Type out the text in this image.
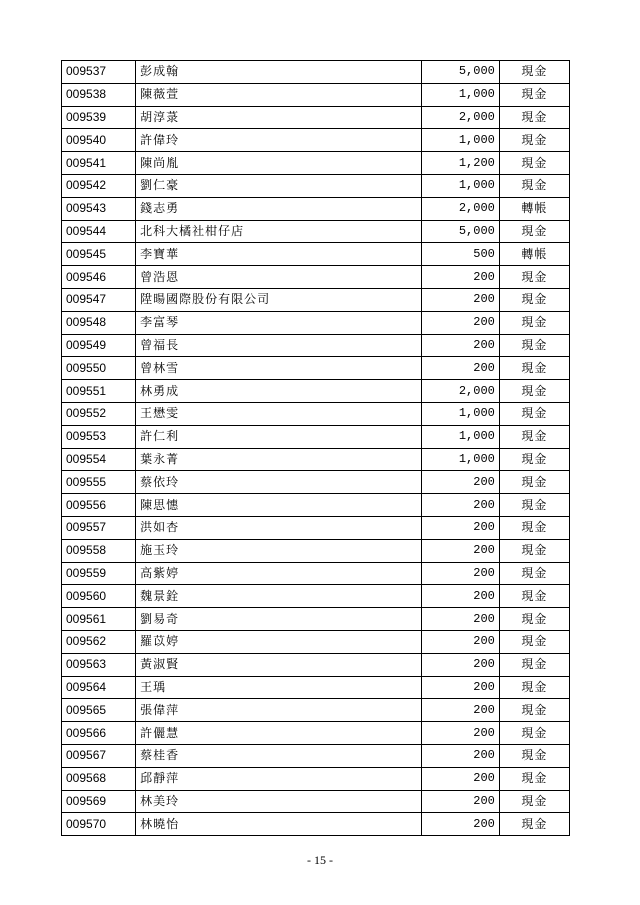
009537	彭成翰	5,000	現金
009538	陳薇萱	1,000	現金
009539	胡淳菉	2,000	現金
009540	許偉玲	1,000	現金
009541	陳尚胤	1,200	現金
009542	劉仁豪	1,000	現金
009543	錢志勇	2,000	轉帳
009544	北科大橘社柑仔店	5,000	現金
009545	李寶華	500	轉帳
009546	曾浩恩	200	現金
009547	陞暘國際股份有限公司	200	現金
009548	李富琴	200	現金
009549	曾福長	200	現金
009550	曾林雪	200	現金
009551	林勇成	2,000	現金
009552	王懋雯	1,000	現金
009553	許仁利	1,000	現金
009554	葉永菁	1,000	現金
009555	蔡依玲	200	現金
009556	陳思憓	200	現金
009557	洪如杏	200	現金
009558	施玉玲	200	現金
009559	高紫婷	200	現金
009560	魏景銓	200	現金
009561	劉易奇	200	現金
009562	羅苡婷	200	現金
009563	黃淑賢	200	現金
009564	王瑀	200	現金
009565	張偉萍	200	現金
009566	許儷慧	200	現金
009567	蔡桂香	200	現金
009568	邱靜萍	200	現金
009569	林美玲	200	現金
009570	林曉怡	200	現金
- 15 -
